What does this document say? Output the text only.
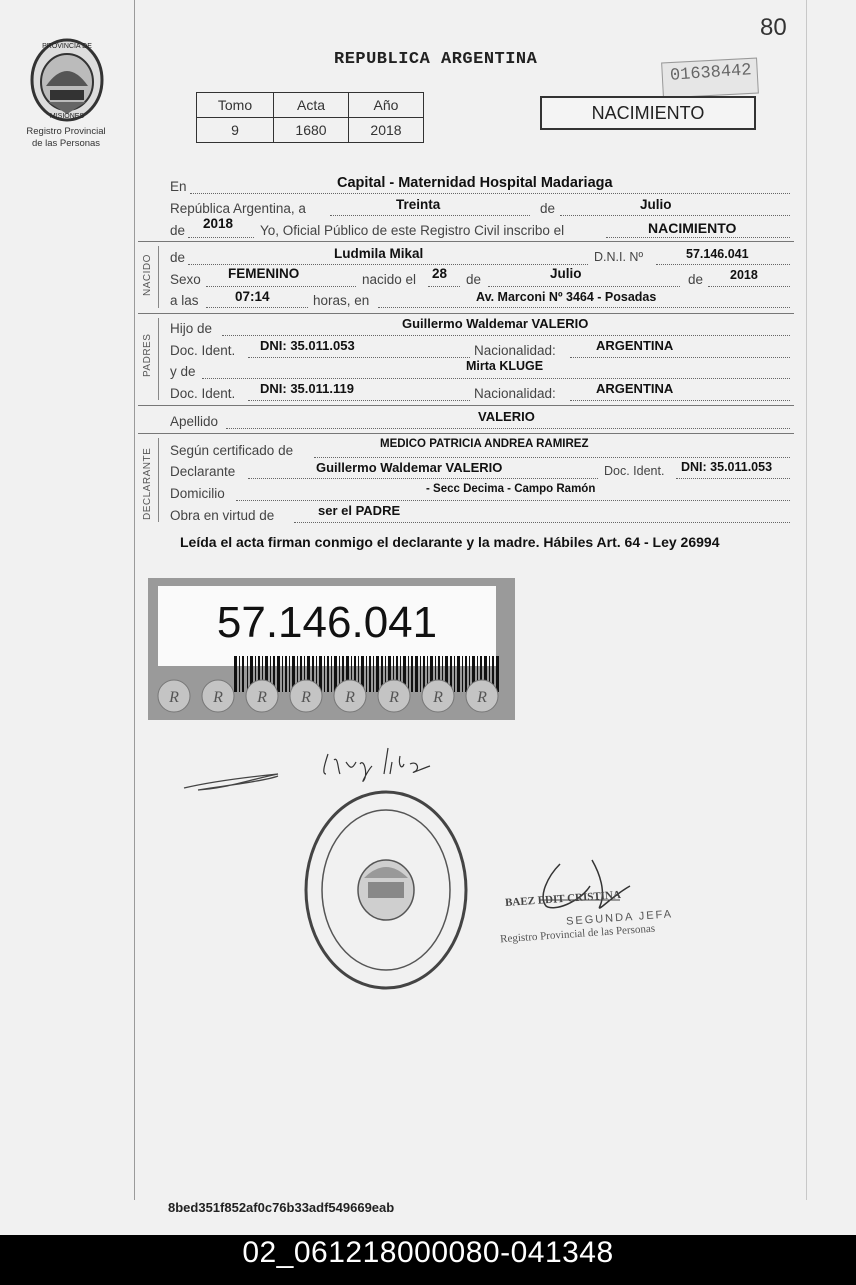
80
PROVINCIA DE
MISIONES
Registro Provincial
de las Personas
REPUBLICA ARGENTINA
01638442
NACIMIENTO
Tomo	Acta	Año
9	1680	2018
En	Capital - Maternidad Hospital Madariaga
República Argentina, a	Treinta	de	Julio
de 2018 Yo, Oficial Público de este Registro Civil inscribo el	NACIMIENTO
NACIDO de	Ludmila Mikal	D.N.I. Nº	57.146.041
Sexo FEMENINO	nacido el 28 de	Julio	de 2018
a las	07:14	horas, en	Av. Marconi Nº 3464 - Posadas
PADRES
Hijo de	Guillermo Waldemar VALERIO
Doc. Ident. DNI: 35.011.053	Nacionalidad:	ARGENTINA
y de	Mirta KLUGE
Doc. Ident. DNI: 35.011.119	Nacionalidad:	ARGENTINA
Apellido	VALERIO
DECLARANTE Según certificado de	MEDICO PATRICIA ANDREA RAMIREZ
Declarante	Guillermo Waldemar VALERIO	Doc. Ident. DNI: 35.011.053
Domicilio	- Secc Decima - Campo Ramón
Obra en virtud de	ser el PADRE
Leída el acta firman conmigo el declarante y la madre. Hábiles Art. 64 - Ley 26994
57.146.041
R R R R R R R R
BAEZ EDIT CRISTINA
SEGUNDA JEFA
Registro Provincial de las Personas
8bed351f852af0c76b33adf549669eab
02_061218000080-041348
